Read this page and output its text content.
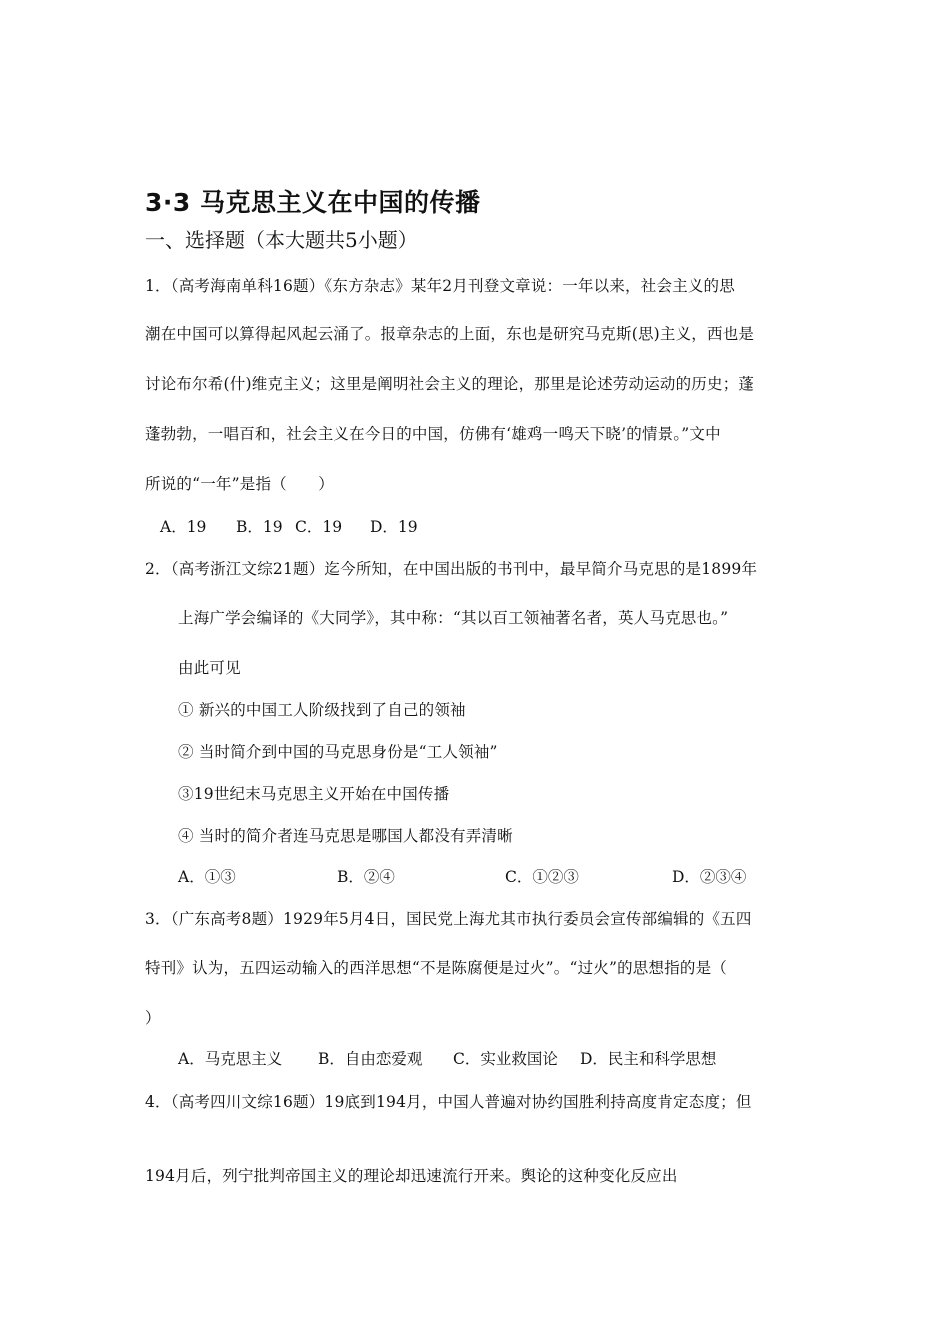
3·3 马克思主义在中国的传播
一、选择题（本大题共5小题）
1．（高考海南单科16题）《东方杂志》某年2月刊登文章说：一年以来，社会主义的思
潮在中国可以算得起风起云涌了。报章杂志的上面，东也是研究马克斯(思)主义，西也是
讨论布尔希(什)维克主义；这里是阐明社会主义的理论，那里是论述劳动运动的历史；蓬
蓬勃勃，一唱百和，社会主义在今日的中国，仿佛有‘雄鸡一鸣天下晓’的情景。”文中
所说的“一年”是指（　　）
A．19 B．19 C．19 D．19
2．（高考浙江文综21题）迄今所知，在中国出版的书刊中，最早简介马克思的是1899年
上海广学会编译的《大同学》，其中称：“其以百工领袖著名者，英人马克思也。”
由此可见
① 新兴的中国工人阶级找到了自己的领袖
② 当时简介到中国的马克思身份是“工人领袖”
③19世纪末马克思主义开始在中国传播
④ 当时的简介者连马克思是哪国人都没有弄清晰
A．①③	B．②④	C．①②③	D．②③④
3．（广东高考8题）1929年5月4日，国民党上海尤其市执行委员会宣传部编辑的《五四
特刊》认为，五四运动输入的西洋思想“不是陈腐便是过火”。“过火”的思想指的是（
）
A．马克思主义 B．自由恋爱观 C．实业救国论 D．民主和科学思想
4．（高考四川文综16题）19底到194月，中国人普遍对协约国胜利持高度肯定态度；但
194月后，列宁批判帝国主义的理论却迅速流行开来。舆论的这种变化反应出
